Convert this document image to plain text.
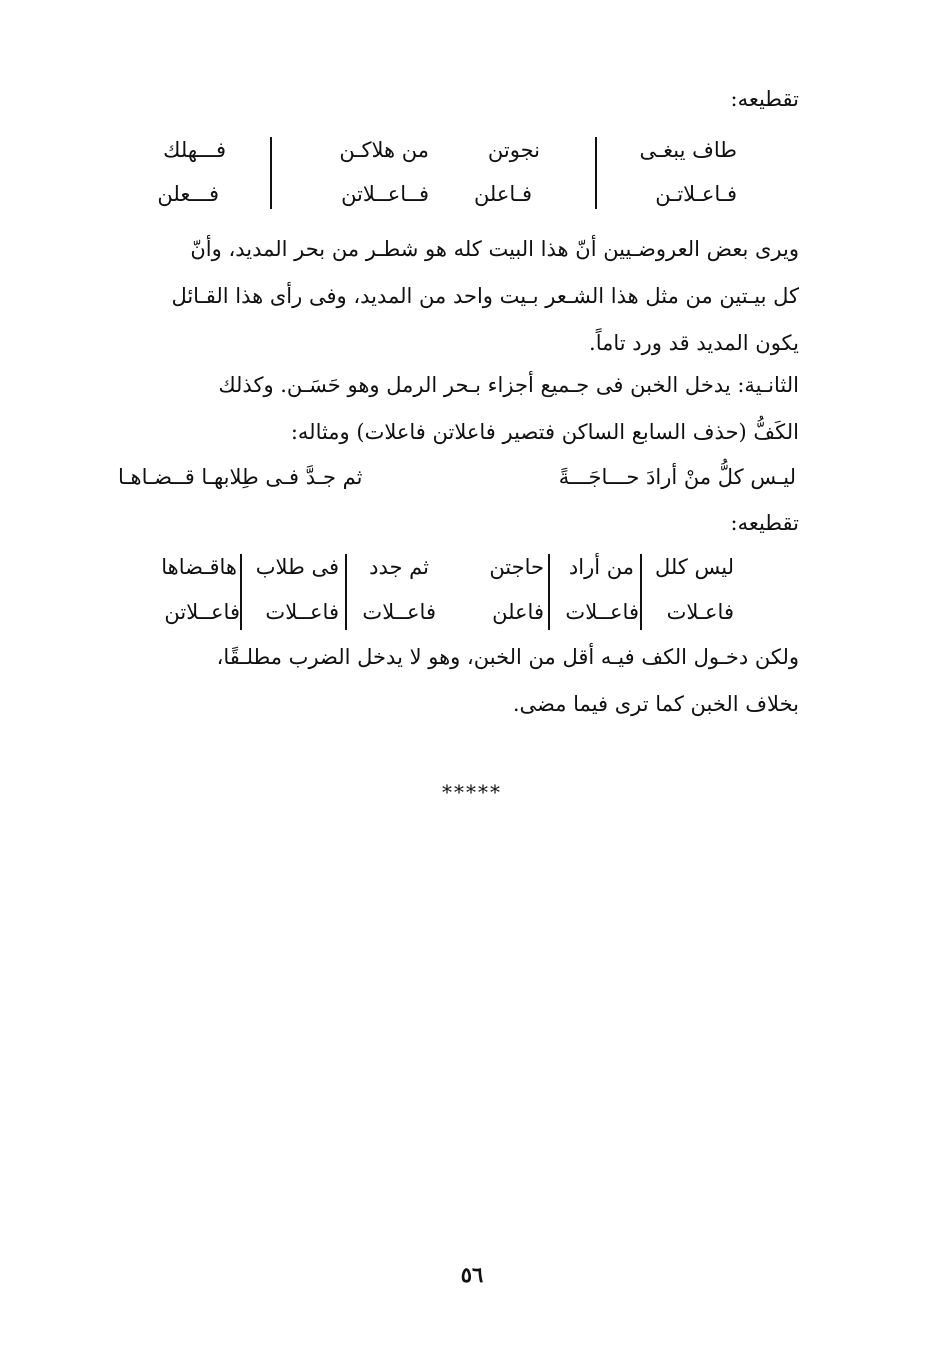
تقطيعه:
طاف يبغـى
نجوتن
من هلاكـن
فـــهلك
فـاعـلاتـن
فـاعلن
فــاعــلاتن
فـــعلن
ويرى بعض العروضـيين أنّ هذا البيت كله هو شطـر من بحر المديد، وأنّ
كل بيـتين من مثل هذا الشـعر بـيت واحد من المديد، وفى رأى هذا القـائل
يكون المديد قد ورد تاماً.
الثانـية: يدخل الخبن فى جـميع أجزاء بـحر الرمل وهو حَسَـن. وكذلك
الكَفُّ (حذف السابع الساكن فتصير فاعلاتن فاعلات) ومثاله:
ليـس كلُّ منْ أرادَ حـــاجَـــةً
ثم جـدَّ فـى طِلابهـا قــضـاهـا
تقطيعه:
ليس كلل
من أراد
حاجتن
ثم جدد
فى طلاب
هاقـضاها
فاعـلات
فاعــلات
فاعلن
فاعــلات
فاعــلات
فاعــلاتن
ولكن دخـول الكف فيـه أقل من الخبن، وهو لا يدخل الضرب مطلـقًا،
بخلاف الخبن كما ترى فيما مضى.
*****
٥٦
